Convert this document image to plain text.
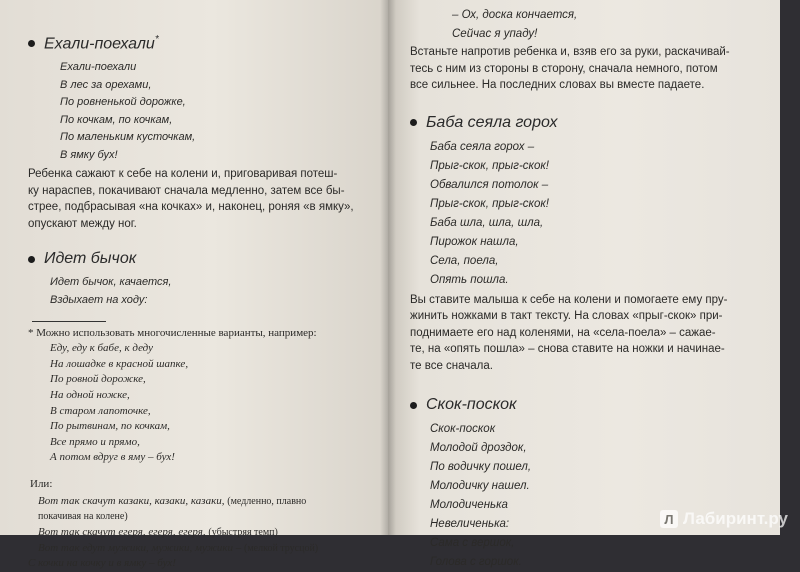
Ехали-поехали*
Ехали-поехали
В лес за орехами,
По ровненькой дорожке,
По кочкам, по кочкам,
По маленьким кусточкам,
В ямку бух!
Ребенка сажают к себе на колени и, приговаривая потеш-
ку нараспев, покачивают сначала медленно, затем все бы-
стрее, подбрасывая «на кочках» и, наконец, роняя «в ямку»,
опускают между ног.
Идет бычок
Идет бычок, качается,
Вздыхает на ходу:
* Можно использовать многочисленные варианты, например:
Еду, еду к бабе, к деду
На лошадке в красной шапке,
По ровной дорожке,
На одной ножке,
В старом лапоточке,
По рытвинам, по кочкам,
Все прямо и прямо,
А потом вдруг в яму – бух!
Или:
Вот так скачут казаки, казаки, казаки, (медленно, плавно
покачивая на колене)
Вот так скачут егеря, егеря, егеря, (убыстряя темп)
Вот так едут мужики, мужики, мужики – (мелкой трусцой)
С кочки на кочку и в ямку – бух!
– Ох, доска кончается,
Сейчас я упаду!
Встаньте напротив ребенка и, взяв его за руки, раскачивай-
тесь с ним из стороны в сторону, сначала немного, потом
все сильнее. На последних словах вы вместе падаете.
Баба сеяла горох
Баба сеяла горох –
Прыг-скок, прыг-скок!
Обвалился потолок –
Прыг-скок, прыг-скок!
Баба шла, шла, шла,
Пирожок нашла,
Села, поела,
Опять пошла.
Вы ставите малыша к себе на колени и помогаете ему пру-
жинить ножками в такт тексту. На словах «прыг-скок» при-
поднимаете его над коленями, на «села-поела» – сажае-
те, на «опять пошла» – снова ставите на ножки и начинае-
те все сначала.
Скок-поскок
Скок-поскок
Молодой дроздок,
По водичку пошел,
Молодичку нашел.
Молодиченька
Невеличенька:
Сама с вершок,
Голова с горшок.
Л Лабиринт.ру
